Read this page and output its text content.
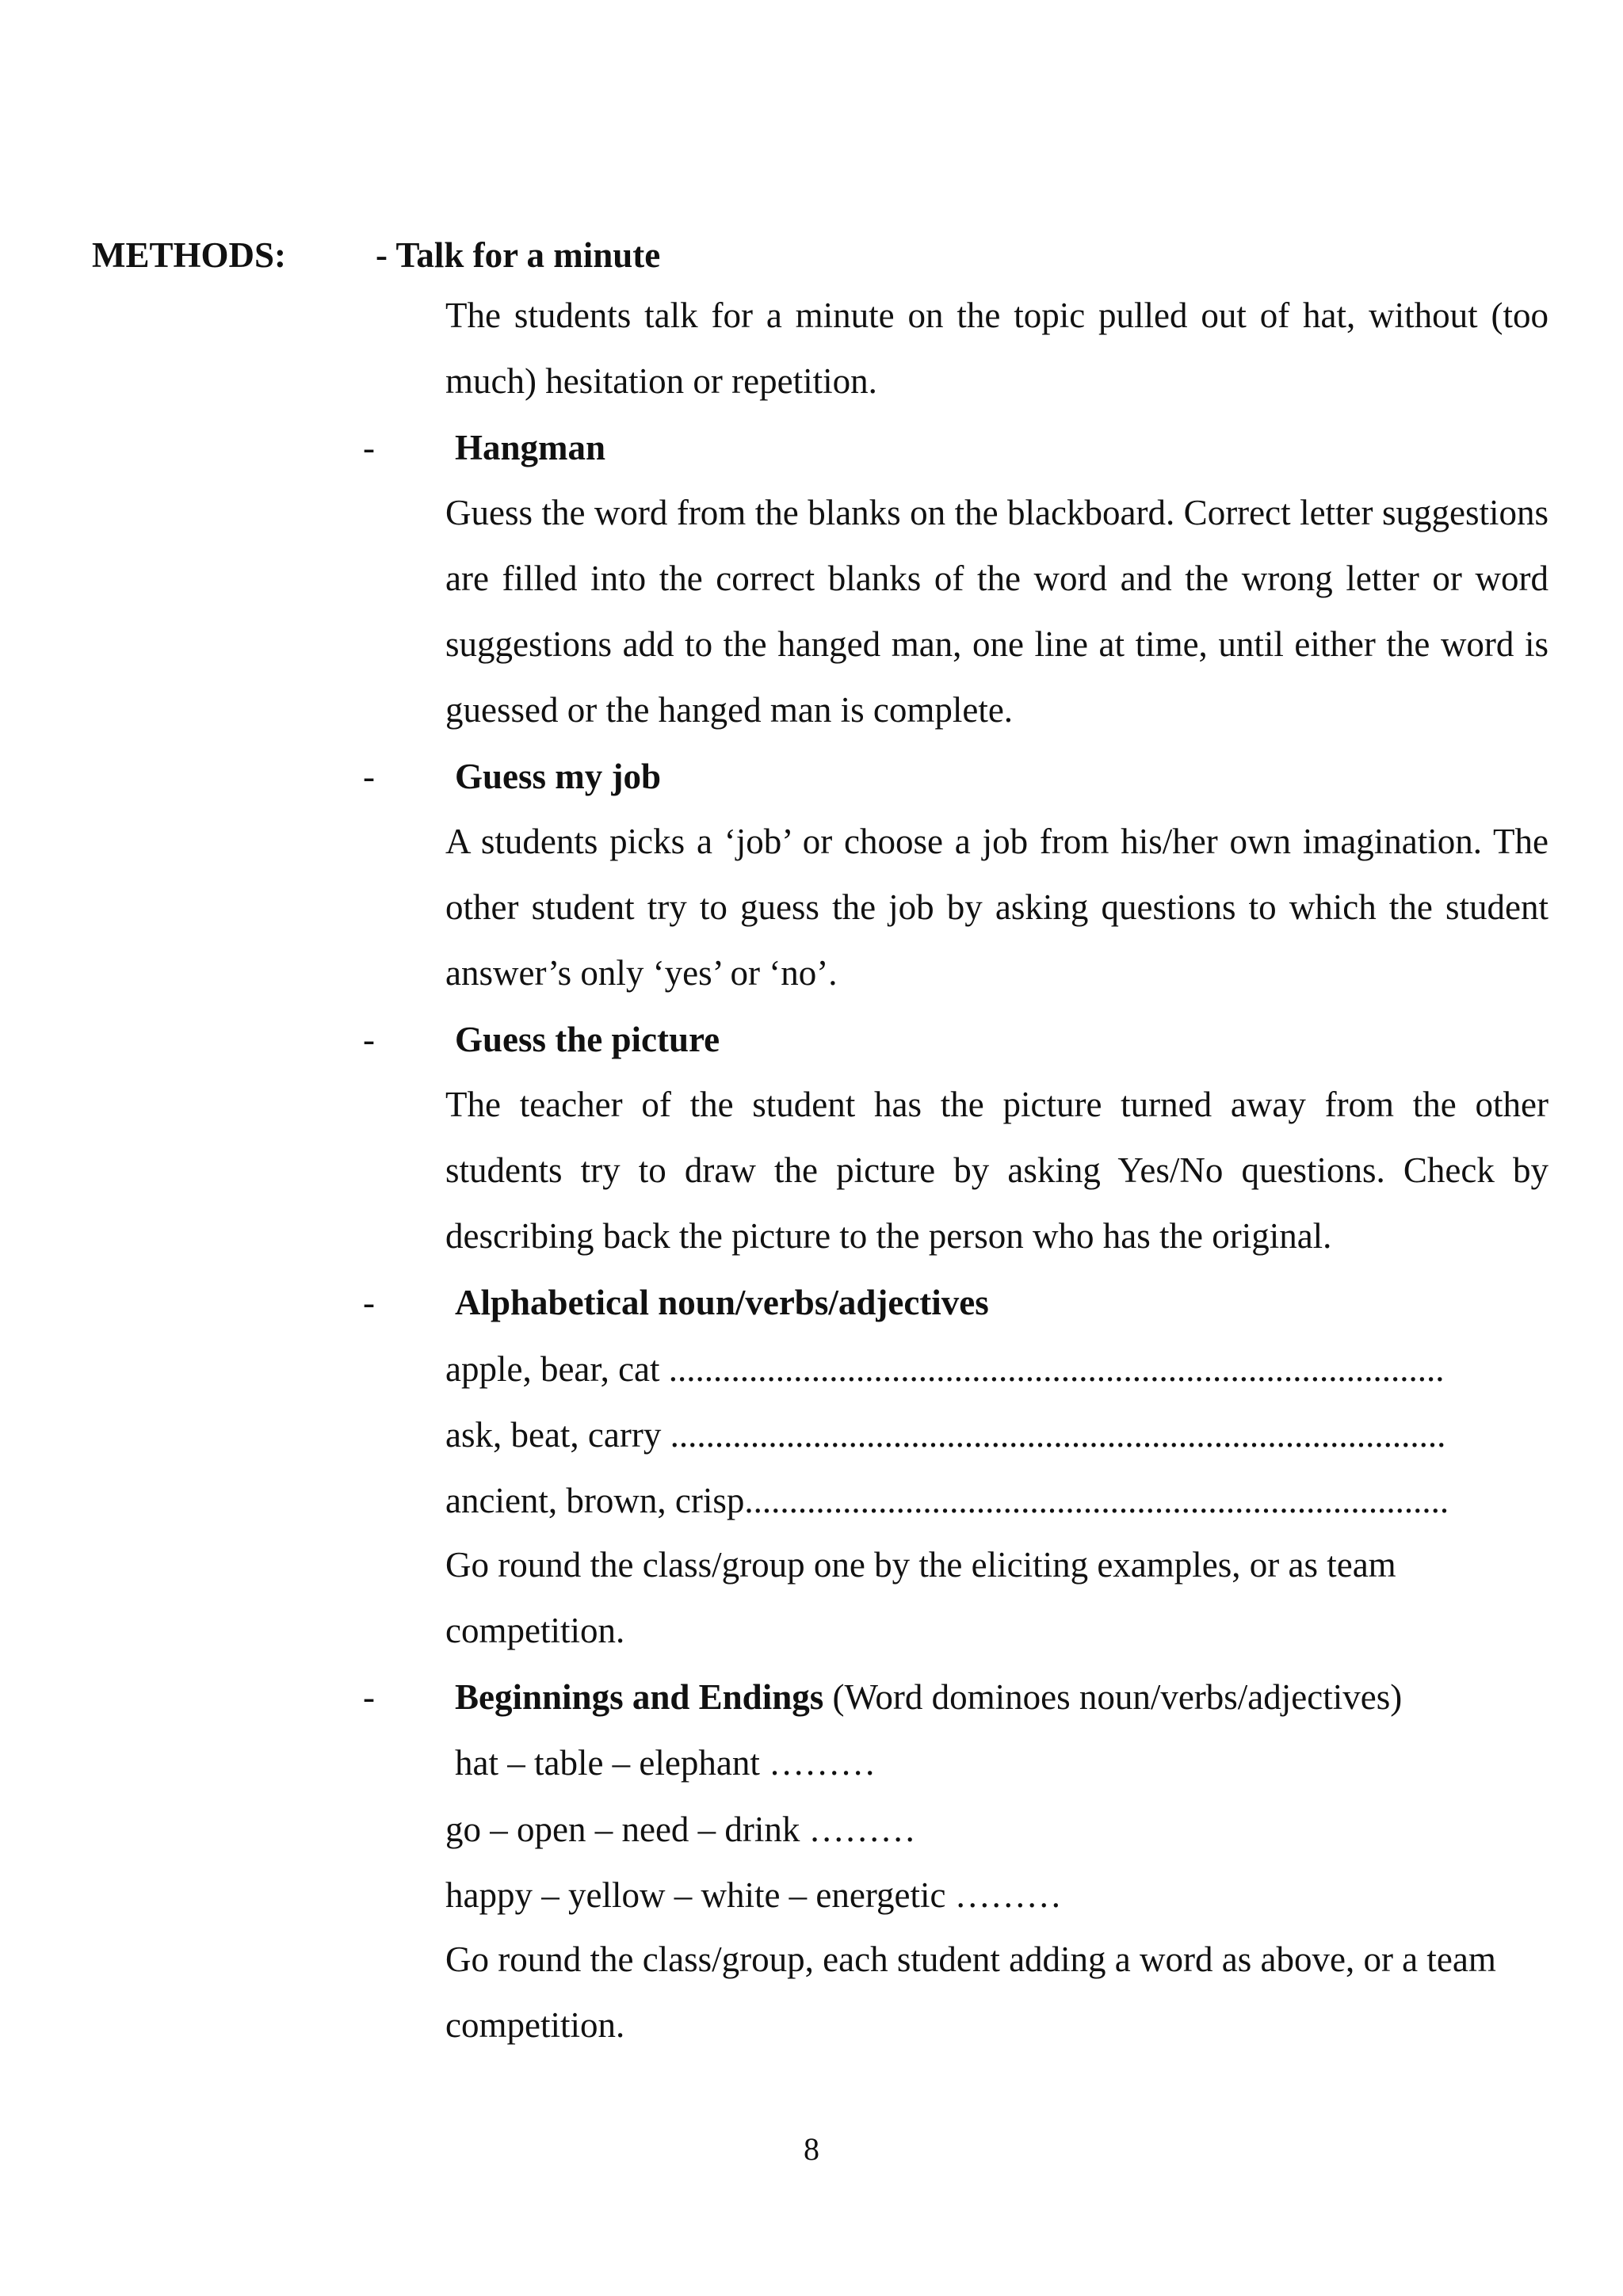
METHODS:	- Talk for a minute
The students talk for a minute on the topic pulled out of hat, without (too much) hesitation or repetition.
- Hangman
Guess the word from the blanks on the blackboard. Correct letter suggestions are filled into the correct blanks of the word and the wrong letter or word suggestions add to the hanged man, one line at time, until either the word is guessed or the hanged man is complete.
- Guess my job
A students picks a ‘job’ or choose a job from his/her own imagination. The other student try to guess the job by asking questions to which the student answer’s only ‘yes’ or ‘no’.
- Guess the picture
The teacher of the student has the picture turned away from the other students try to draw the picture by asking Yes/No questions. Check by describing back the picture to the person who has the original.
- Alphabetical noun/verbs/adjectives
apple, bear, cat .......................................................................................
ask, beat, carry .......................................................................................
ancient, brown, crisp...............................................................................
Go round the class/group one by the eliciting examples, or as team competition.
- Beginnings and Endings (Word dominoes noun/verbs/adjectives)
hat – table – elephant ………
go – open – need – drink ………
happy – yellow – white – energetic ………
Go round the class/group, each student adding a word as above, or a team competition.
8
